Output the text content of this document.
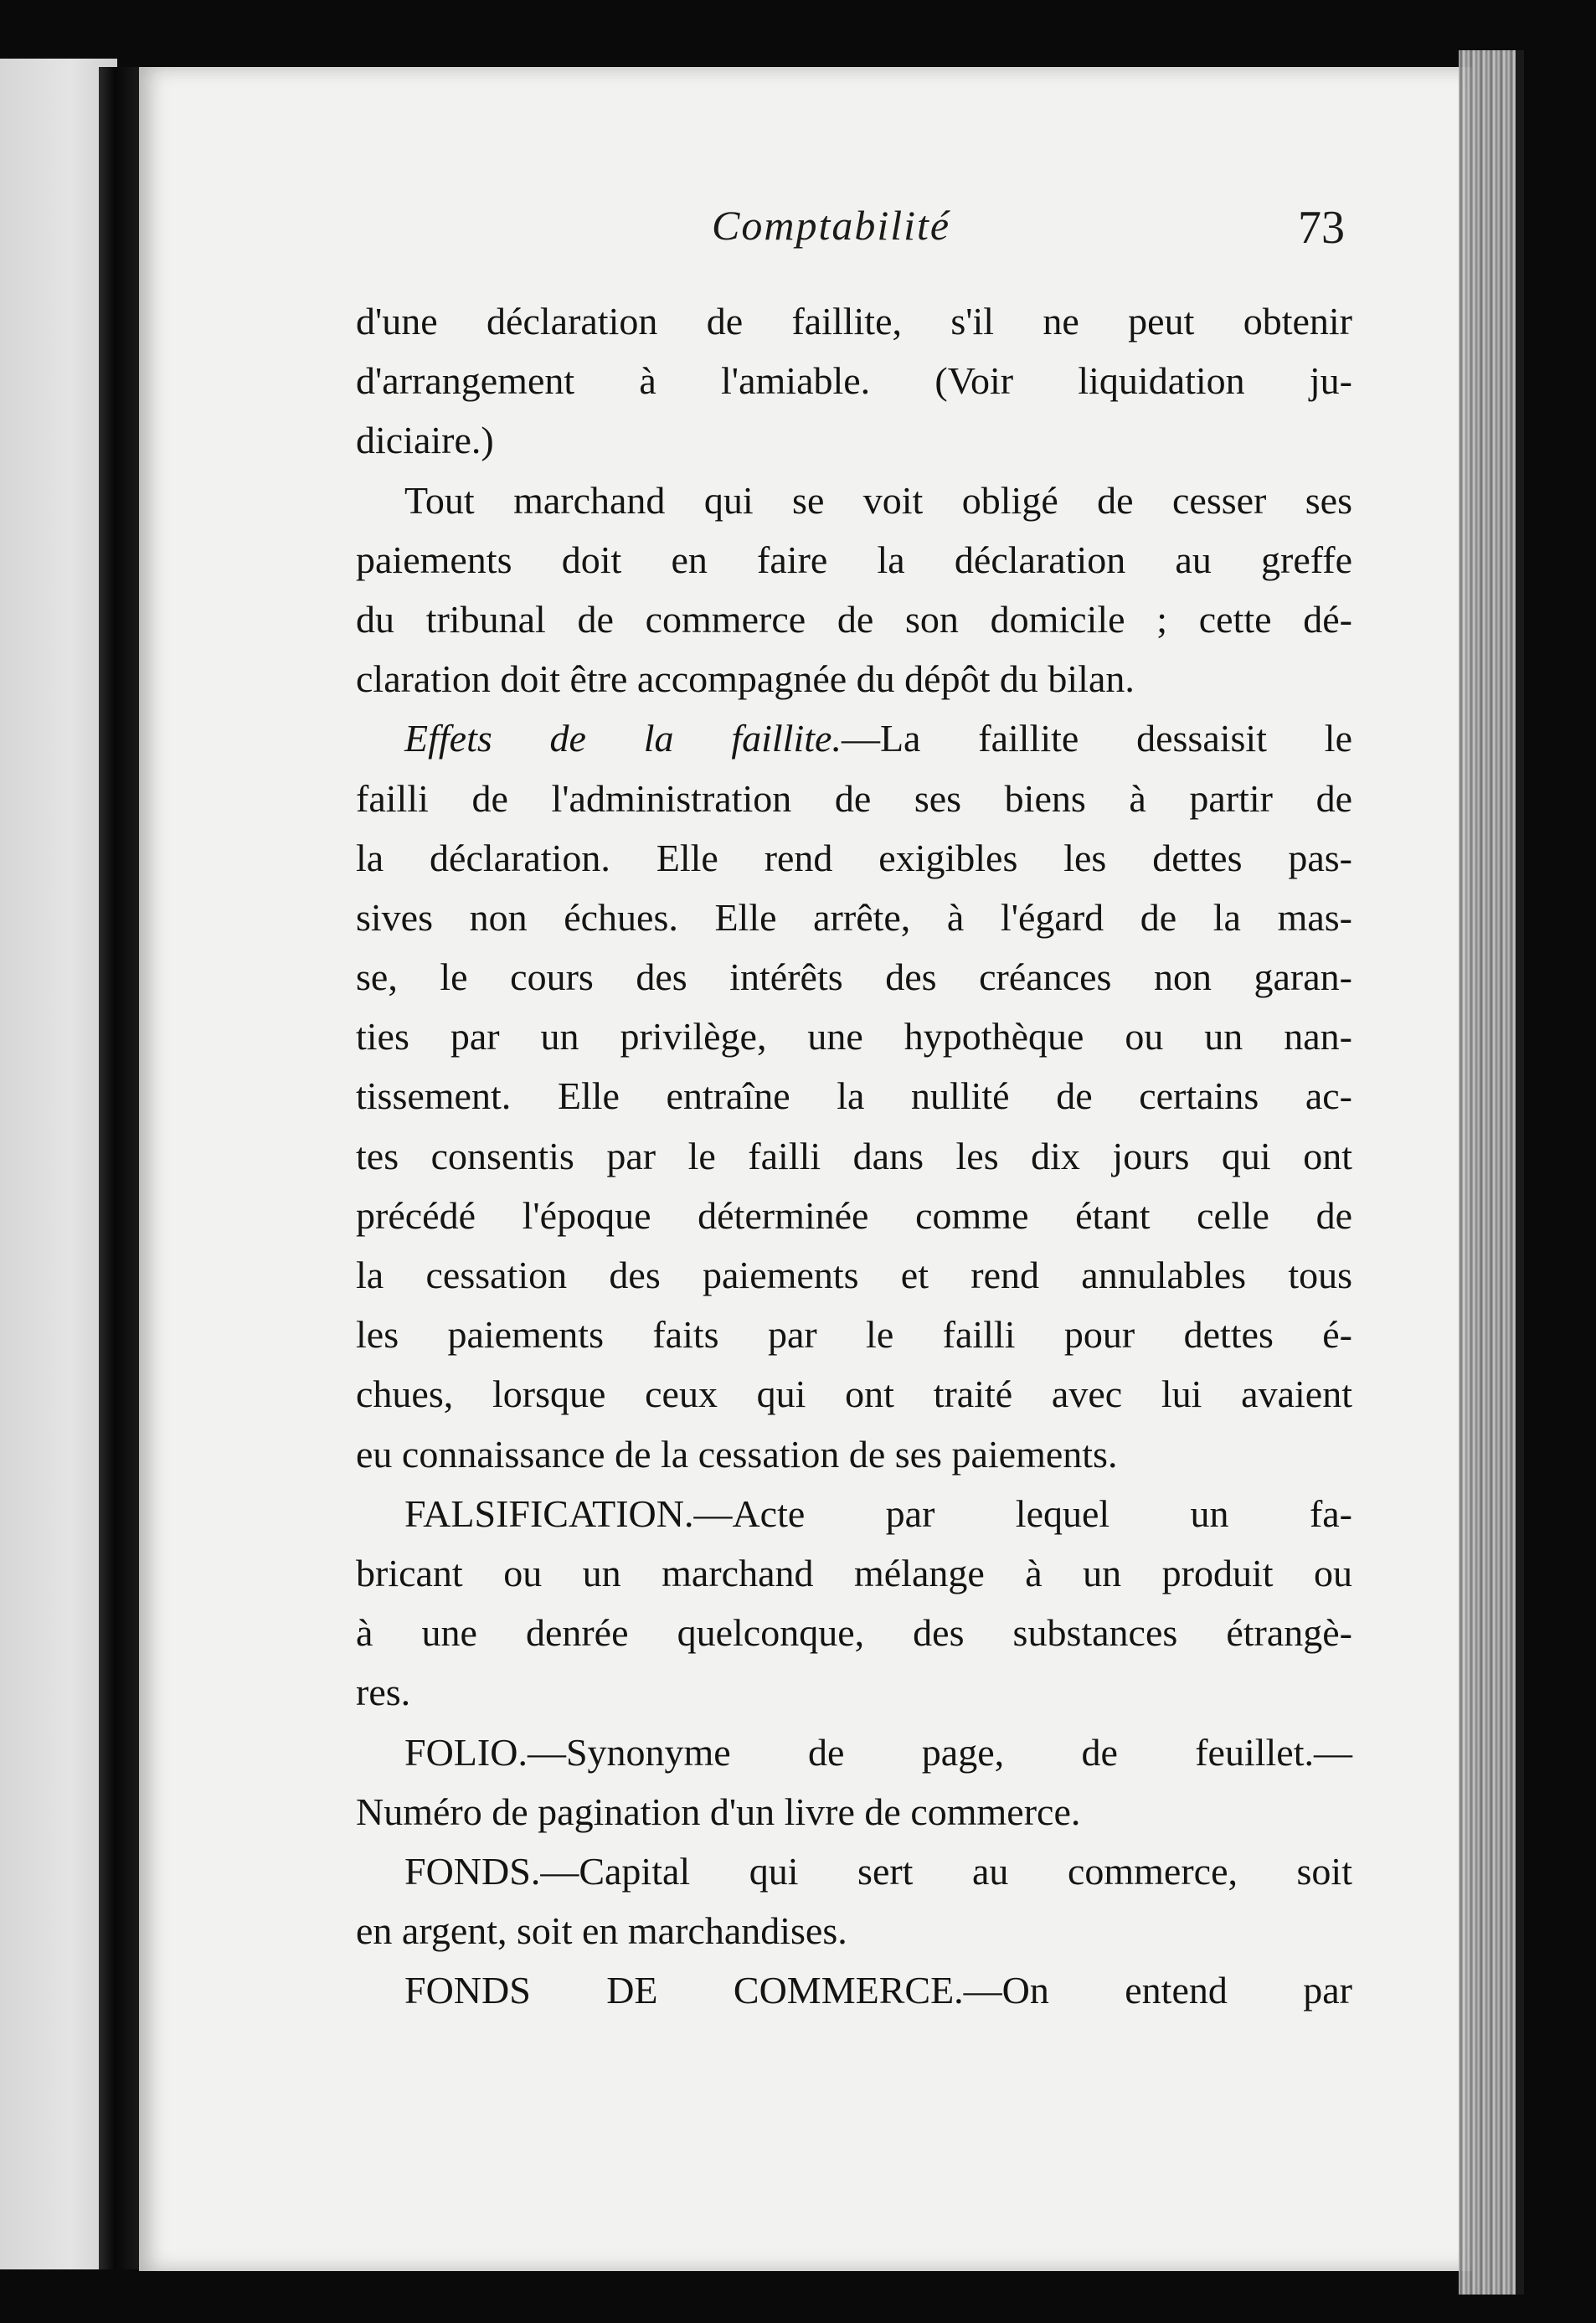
Comptabilité	73
d'une déclaration de faillite, s'il ne peut obtenir
d'arrangement à l'amiable. (Voir liquidation ju-
diciaire.)
Tout marchand qui se voit obligé de cesser ses
paiements doit en faire la déclaration au greffe
du tribunal de commerce de son domicile ; cette dé-
claration doit être accompagnée du dépôt du bilan.
Effets de la faillite.—La faillite dessaisit le
failli de l'administration de ses biens à partir de
la déclaration. Elle rend exigibles les dettes pas-
sives non échues. Elle arrête, à l'égard de la mas-
se, le cours des intérêts des créances non garan-
ties par un privilège, une hypothèque ou un nan-
tissement. Elle entraîne la nullité de certains ac-
tes consentis par le failli dans les dix jours qui ont
précédé l'époque déterminée comme étant celle de
la cessation des paiements et rend annulables tous
les paiements faits par le failli pour dettes é-
chues, lorsque ceux qui ont traité avec lui avaient
eu connaissance de la cessation de ses paiements.
FALSIFICATION.—Acte par lequel un fa-
bricant ou un marchand mélange à un produit ou
à une denrée quelconque, des substances étrangè-
res.
FOLIO.—Synonyme de page, de feuillet.—
Numéro de pagination d'un livre de commerce.
FONDS.—Capital qui sert au commerce, soit
en argent, soit en marchandises.
FONDS DE COMMERCE.—On entend par
